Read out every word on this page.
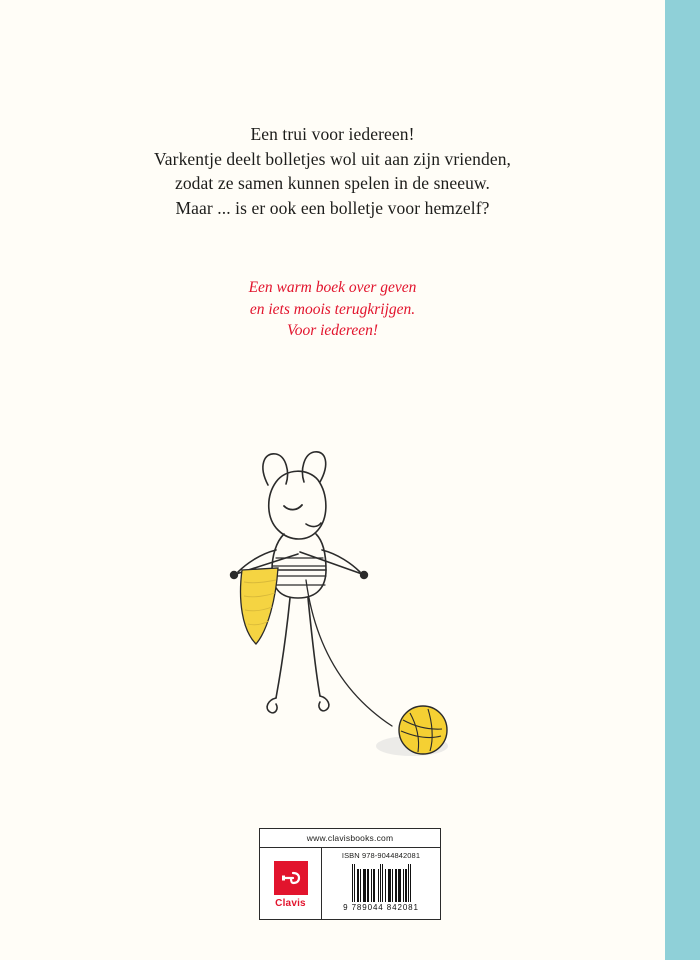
Een trui voor iedereen!
Varkentje deelt bolletjes wol uit aan zijn vrienden,
zodat ze samen kunnen spelen in de sneeuw.
Maar ... is er ook een bolletje voor hemzelf?
Een warm boek over geven
en iets moois terugkrijgen.
Voor iedereen!
www.clavisbooks.com
Clavis
ISBN 978-9044842081
9 789044 842081
